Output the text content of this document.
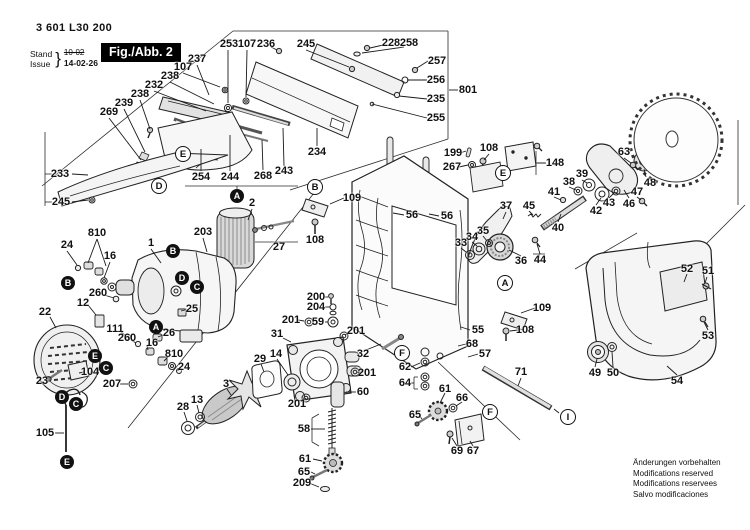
3 601 L30 200
Stand
Issue } 10-02
14-02-26
Fig./Abb. 2
Änderungen vorbehalten
Modifications reserved
Modifications reservees
Salvo modificaciones
253 107 236 245	228 258
257
256
235
255
801
237
107
238
232
238
239
269
233
245
254 244 268 243
234
2
203
1
810
24
16
27
109
108
56 56
199
267
108
148
63
48
47
46
43
42
39
38
41
40
45
37
44
36
35
34
33
55
68
57
109
108
260
12
22
111
260 16
810
24
25
26
104
207
23
105
200
204
201 59
201
31
32
201
29 14
3
13
28	201
60
58
61
65
209
62
64	61
66
65
69 67
71
52 51
53
49 50
54
A
A
B
B	C
C
C
D
D
E
E
E
D	B
E
A
F
F	I
